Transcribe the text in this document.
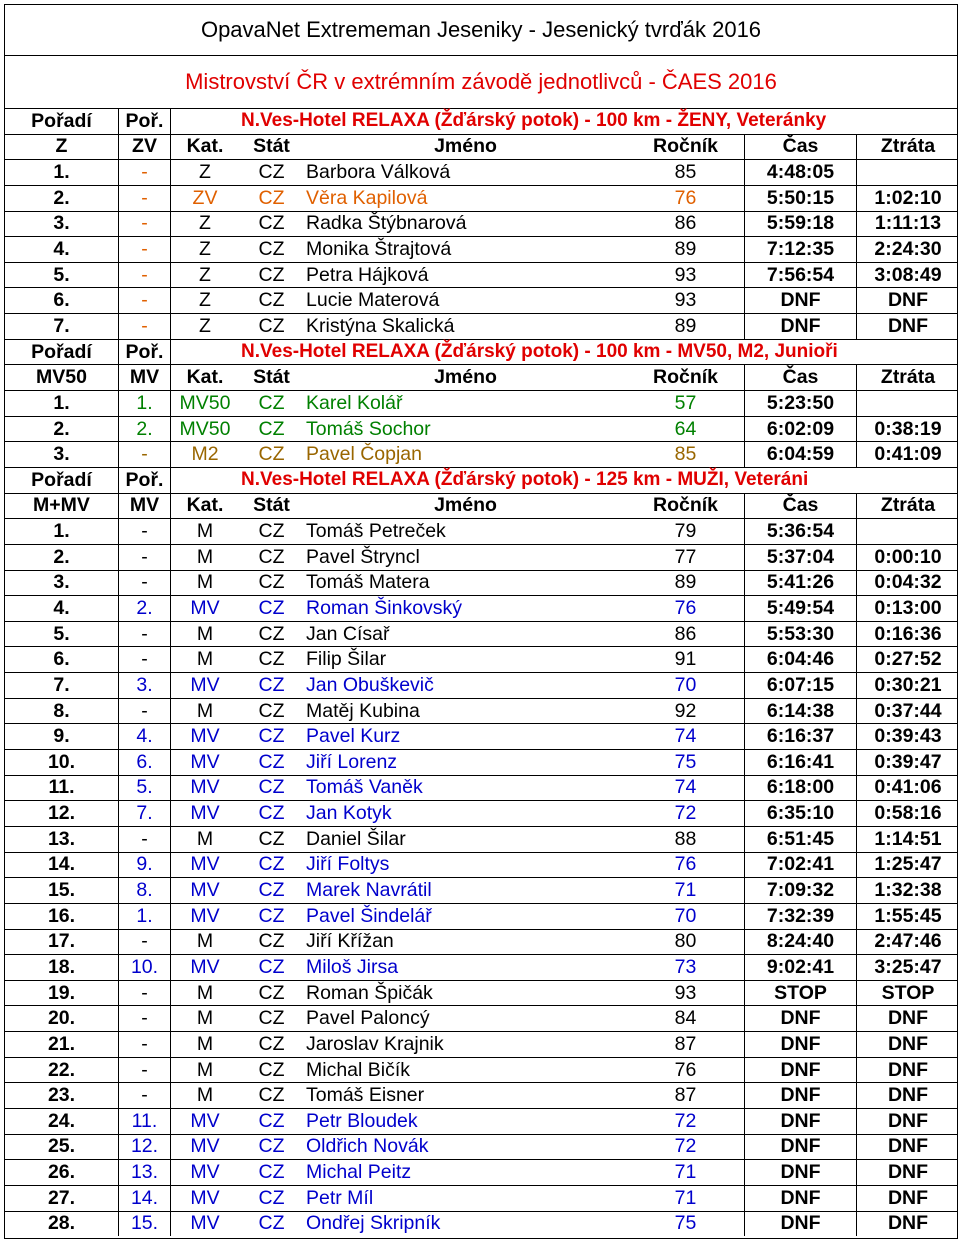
OpavaNet Extrememan Jeseniky - Jesenický tvrďák 2016
Mistrovství ČR v extrémním závodě jednotlivců - ČAES 2016
Pořadí	Poř.	N.Ves-Hotel RELAXA (Žďárský potok) - 100 km - ŽENY, Veteránky
Z	ZV	Kat.	Stát	Jméno	Ročník	Čas	Ztráta
1.	-	Z	CZ	Barbora Válková	85	4:48:05
2.	-	ZV	CZ	Věra Kapilová	76	5:50:15	1:02:10
3.	-	Z	CZ	Radka Štýbnarová	86	5:59:18	1:11:13
4.	-	Z	CZ	Monika Štrajtová	89	7:12:35	2:24:30
5.	-	Z	CZ	Petra Hájková	93	7:56:54	3:08:49
6.	-	Z	CZ	Lucie Materová	93	DNF	DNF
7.	-	Z	CZ	Kristýna Skalická	89	DNF	DNF
Pořadí	Poř.	N.Ves-Hotel RELAXA (Žďárský potok) - 100 km - MV50, M2, Junioři
MV50	MV	Kat.	Stát	Jméno	Ročník	Čas	Ztráta
1.	1.	MV50	CZ	Karel Kolář	57	5:23:50
2.	2.	MV50	CZ	Tomáš Sochor	64	6:02:09	0:38:19
3.	-	M2	CZ	Pavel Čopjan	85	6:04:59	0:41:09
Pořadí	Poř.	N.Ves-Hotel RELAXA (Žďárský potok) - 125 km - MUŽI, Veteráni
M+MV	MV	Kat.	Stát	Jméno	Ročník	Čas	Ztráta
1.	-	M	CZ	Tomáš Petreček	79	5:36:54
2.	-	M	CZ	Pavel Štryncl	77	5:37:04	0:00:10
3.	-	M	CZ	Tomáš Matera	89	5:41:26	0:04:32
4.	2.	MV	CZ	Roman Šinkovský	76	5:49:54	0:13:00
5.	-	M	CZ	Jan Císař	86	5:53:30	0:16:36
6.	-	M	CZ	Filip Šilar	91	6:04:46	0:27:52
7.	3.	MV	CZ	Jan Obuškevič	70	6:07:15	0:30:21
8.	-	M	CZ	Matěj Kubina	92	6:14:38	0:37:44
9.	4.	MV	CZ	Pavel Kurz	74	6:16:37	0:39:43
10.	6.	MV	CZ	Jiří Lorenz	75	6:16:41	0:39:47
11.	5.	MV	CZ	Tomáš Vaněk	74	6:18:00	0:41:06
12.	7.	MV	CZ	Jan Kotyk	72	6:35:10	0:58:16
13.	-	M	CZ	Daniel Šilar	88	6:51:45	1:14:51
14.	9.	MV	CZ	Jiří Foltys	76	7:02:41	1:25:47
15.	8.	MV	CZ	Marek Navrátil	71	7:09:32	1:32:38
16.	1.	MV	CZ	Pavel Šindelář	70	7:32:39	1:55:45
17.	-	M	CZ	Jiří Křížan	80	8:24:40	2:47:46
18.	10.	MV	CZ	Miloš Jirsa	73	9:02:41	3:25:47
19.	-	M	CZ	Roman Špičák	93	STOP	STOP
20.	-	M	CZ	Pavel Paloncý	84	DNF	DNF
21.	-	M	CZ	Jaroslav Krajnik	87	DNF	DNF
22.	-	M	CZ	Michal Bičík	76	DNF	DNF
23.	-	M	CZ	Tomáš Eisner	87	DNF	DNF
24.	11.	MV	CZ	Petr Bloudek	72	DNF	DNF
25.	12.	MV	CZ	Oldřich Novák	72	DNF	DNF
26.	13.	MV	CZ	Michal Peitz	71	DNF	DNF
27.	14.	MV	CZ	Petr Míl	71	DNF	DNF
28.	15.	MV	CZ	Ondřej Skripník	75	DNF	DNF
